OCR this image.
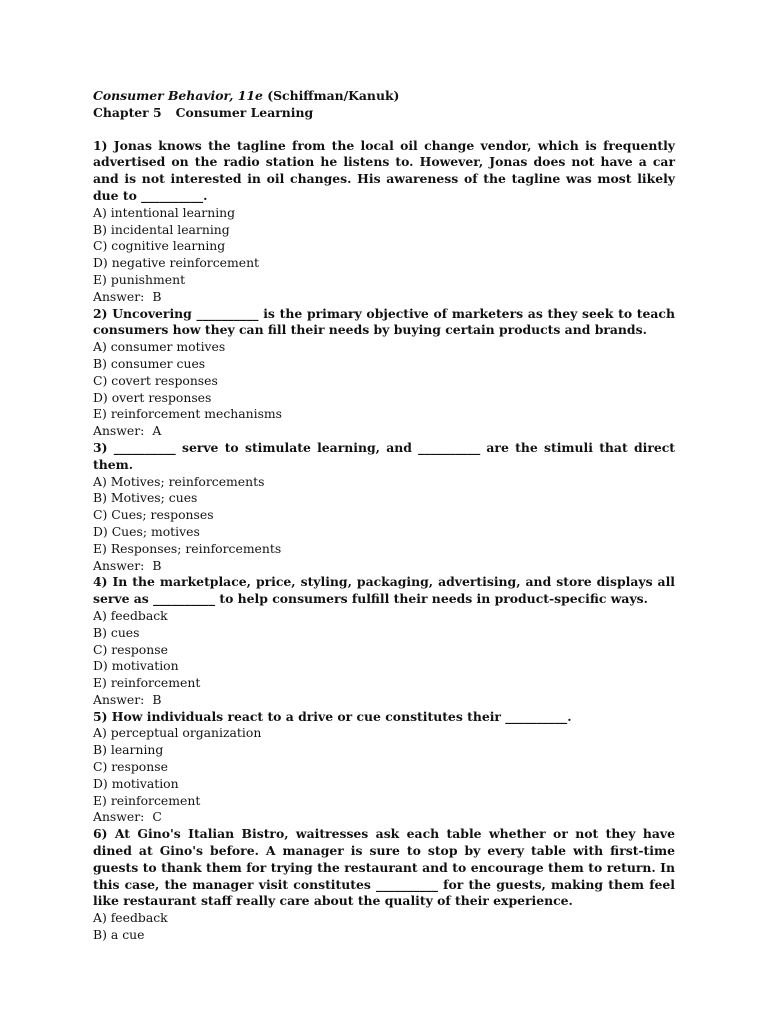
Consumer Behavior, 11e (Schiffman/Kanuk)
Chapter 5 Consumer Learning
1) Jonas knows the tagline from the local oil change vendor, which is frequently advertised on the radio station he listens to. However, Jonas does not have a car and is not interested in oil changes. His awareness of the tagline was most likely due to __________.
A) intentional learning
B) incidental learning
C) cognitive learning
D) negative reinforcement
E) punishment
Answer: B
2) Uncovering __________ is the primary objective of marketers as they seek to teach consumers how they can fill their needs by buying certain products and brands.
A) consumer motives
B) consumer cues
C) covert responses
D) overt responses
E) reinforcement mechanisms
Answer: A
3) __________ serve to stimulate learning, and __________ are the stimuli that direct them.
A) Motives; reinforcements
B) Motives; cues
C) Cues; responses
D) Cues; motives
E) Responses; reinforcements
Answer: B
4) In the marketplace, price, styling, packaging, advertising, and store displays all serve as __________ to help consumers fulfill their needs in product-specific ways.
A) feedback
B) cues
C) response
D) motivation
E) reinforcement
Answer: B
5) How individuals react to a drive or cue constitutes their __________.
A) perceptual organization
B) learning
C) response
D) motivation
E) reinforcement
Answer: C
6) At Gino's Italian Bistro, waitresses ask each table whether or not they have dined at Gino's before. A manager is sure to stop by every table with first-time guests to thank them for trying the restaurant and to encourage them to return. In this case, the manager visit constitutes __________ for the guests, making them feel like restaurant staff really care about the quality of their experience.
A) feedback
B) a cue
